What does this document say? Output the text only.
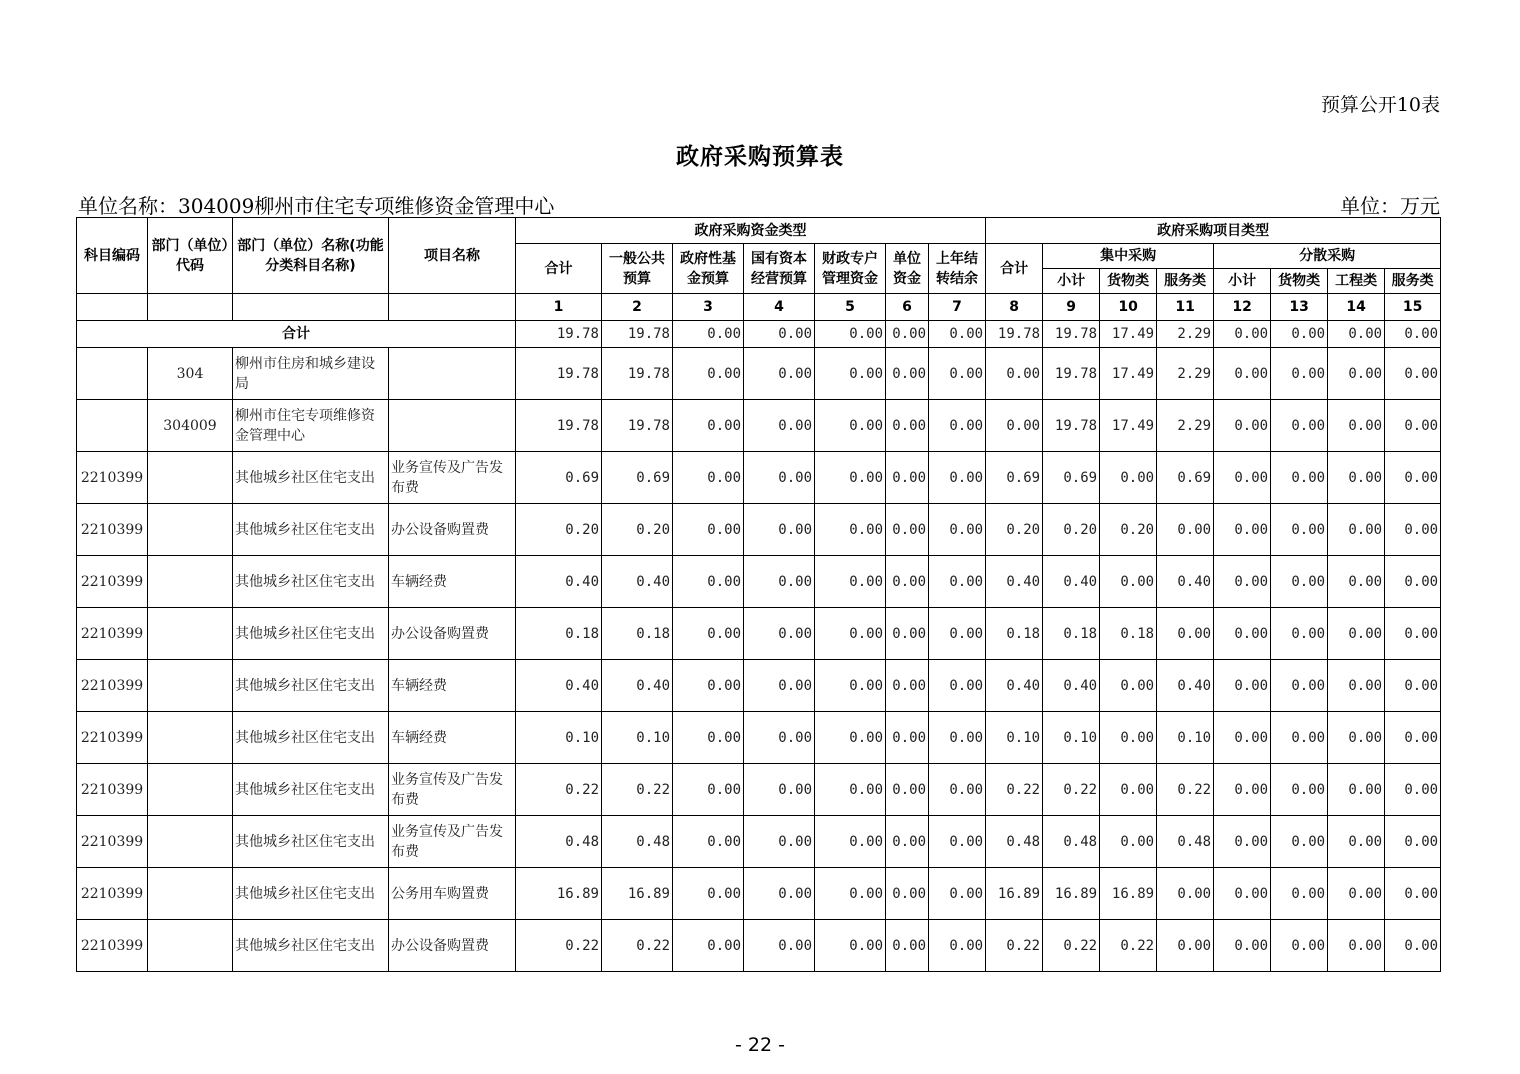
预算公开10表
政府采购预算表
单位名称：304009柳州市住宅专项维修资金管理中心	单位：万元
科目编码	部门（单位）代码	部门（单位）名称(功能分类科目名称)	项目名称	政府采购资金类型							政府采购项目类型							
				合计	一般公共预算	政府性基金预算	国有资本经营预算	财政专户管理资金	单位资金	上年结转结余	合计	集中采购			分散采购			
												小计	货物类	服务类	小计	货物类	工程类	服务类
				1	2	3	4	5	6	7	8	9	10	11	12	13	14	15
合计				19.78	19.78	0.00	0.00	0.00	0.00	0.00	19.78	19.78	17.49	2.29	0.00	0.00	0.00	0.00
	304	柳州市住房和城乡建设局		19.78	19.78	0.00	0.00	0.00	0.00	0.00	0.00	19.78	17.49	2.29	0.00	0.00	0.00	0.00
	304009	柳州市住宅专项维修资金管理中心		19.78	19.78	0.00	0.00	0.00	0.00	0.00	0.00	19.78	17.49	2.29	0.00	0.00	0.00	0.00
2210399		其他城乡社区住宅支出	业务宣传及广告发布费	0.69	0.69	0.00	0.00	0.00	0.00	0.00	0.69	0.69	0.00	0.69	0.00	0.00	0.00	0.00
2210399		其他城乡社区住宅支出	办公设备购置费	0.20	0.20	0.00	0.00	0.00	0.00	0.00	0.20	0.20	0.20	0.00	0.00	0.00	0.00	0.00
2210399		其他城乡社区住宅支出	车辆经费	0.40	0.40	0.00	0.00	0.00	0.00	0.00	0.40	0.40	0.00	0.40	0.00	0.00	0.00	0.00
2210399		其他城乡社区住宅支出	办公设备购置费	0.18	0.18	0.00	0.00	0.00	0.00	0.00	0.18	0.18	0.18	0.00	0.00	0.00	0.00	0.00
2210399		其他城乡社区住宅支出	车辆经费	0.40	0.40	0.00	0.00	0.00	0.00	0.00	0.40	0.40	0.00	0.40	0.00	0.00	0.00	0.00
2210399		其他城乡社区住宅支出	车辆经费	0.10	0.10	0.00	0.00	0.00	0.00	0.00	0.10	0.10	0.00	0.10	0.00	0.00	0.00	0.00
2210399		其他城乡社区住宅支出	业务宣传及广告发布费	0.22	0.22	0.00	0.00	0.00	0.00	0.00	0.22	0.22	0.00	0.22	0.00	0.00	0.00	0.00
2210399		其他城乡社区住宅支出	业务宣传及广告发布费	0.48	0.48	0.00	0.00	0.00	0.00	0.00	0.48	0.48	0.00	0.48	0.00	0.00	0.00	0.00
2210399		其他城乡社区住宅支出	公务用车购置费	16.89	16.89	0.00	0.00	0.00	0.00	0.00	16.89	16.89	16.89	0.00	0.00	0.00	0.00	0.00
2210399		其他城乡社区住宅支出	办公设备购置费	0.22	0.22	0.00	0.00	0.00	0.00	0.00	0.22	0.22	0.22	0.00	0.00	0.00	0.00	0.00
- 22 -
